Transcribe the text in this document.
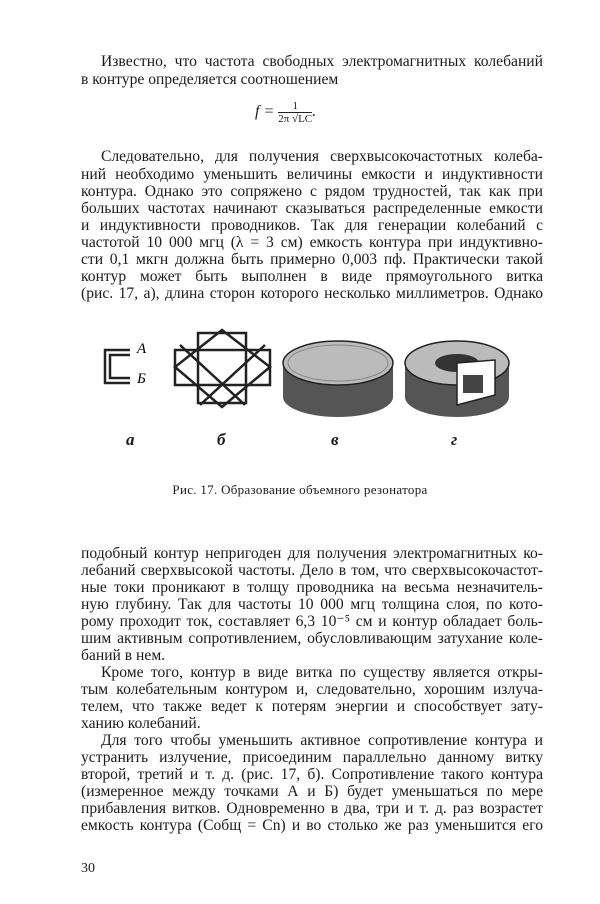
Известно, что частота свободных электромагнитных колебаний
в контуре определяется соотношением
$f = \frac{1}{2\pi √LC}$ .
Следовательно, для получения сверхвысокочастотных колеба-
ний необходимо уменьшить величины емкости и индуктивности
контура. Однако это сопряжено с рядом трудностей, так как при
больших частотах начинают сказываться распределенные емкости
и индуктивности проводников. Так для генерации колебаний с
частотой 10 000 мгц (λ = 3 см) емкость контура при индуктивно-
сти 0,1 мкгн должна быть примерно 0,003 пф. Практически такой
контур может быть выполнен в виде прямоугольного витка
(рис. 17, а), длина сторон которого несколько миллиметров. Однако
А
Б
а	б	в	г
Рис. 17. Образование объемного резонатора
подобный контур непригоден для получения электромагнитных ко-
лебаний сверхвысокой частоты. Дело в том, что сверхвысокочастот-
ные токи проникают в толщу проводника на весьма незначитель-
ную глубину. Так для частоты 10 000 мгц толщина слоя, по кото-
рому проходит ток, составляет 6,3 10⁻⁵ см и контур обладает боль-
шим активным сопротивлением, обусловливающим затухание коле-
баний в нем.
Кроме того, контур в виде витка по существу является откры-
тым колебательным контуром и, следовательно, хорошим излуча-
телем, что также ведет к потерям энергии и способствует зату-
ханию колебаний.
Для того чтобы уменьшить активное сопротивление контура и
устранить излучение, присоединим параллельно данному витку
второй, третий и т. д. (рис. 17, б). Сопротивление такого контура
(измеренное между точками А и Б) будет уменьшаться по мере
прибавления витков. Одновременно в два, три и т. д. раз возрастет
емкость контура (Cобщ = Cn) и во столько же раз уменьшится его
30
